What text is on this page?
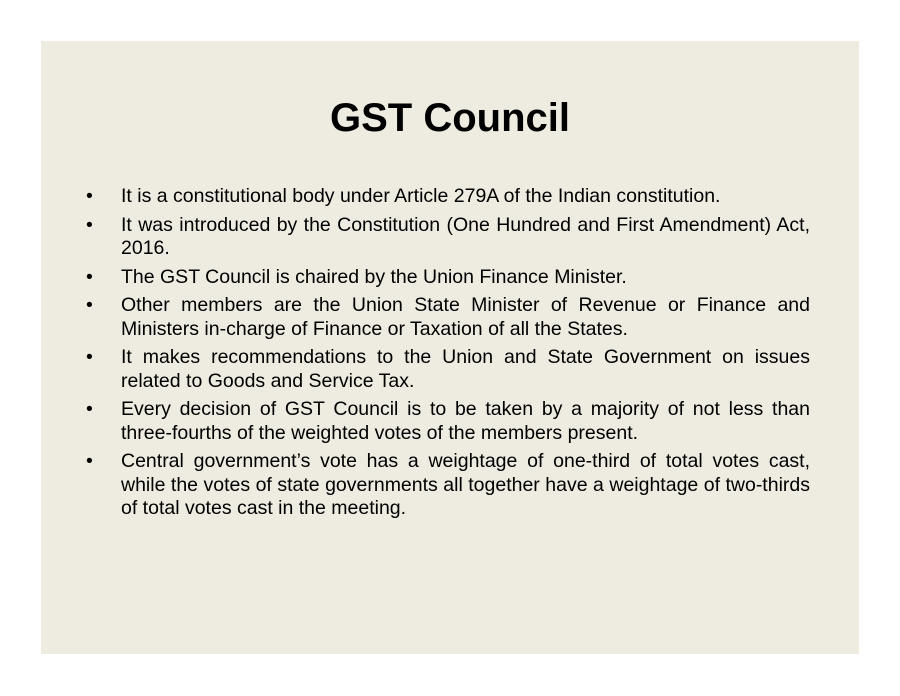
GST Council
•	It is a constitutional body under Article 279A of the Indian constitution.
•	It was introduced by the Constitution (One Hundred and First Amendment) Act, 2016.
•	The GST Council is chaired by the Union Finance Minister.
•	Other members are the Union State Minister of Revenue or Finance and Ministers in-charge of Finance or Taxation of all the States.
•	It makes recommendations to the Union and State Government on issues related to Goods and Service Tax.
•	Every decision of GST Council is to be taken by a majority of not less than three-fourths of the weighted votes of the members present.
•	Central government’s vote has a weightage of one-third of total votes cast, while the votes of state governments all together have a weightage of two-thirds of total votes cast in the meeting.
